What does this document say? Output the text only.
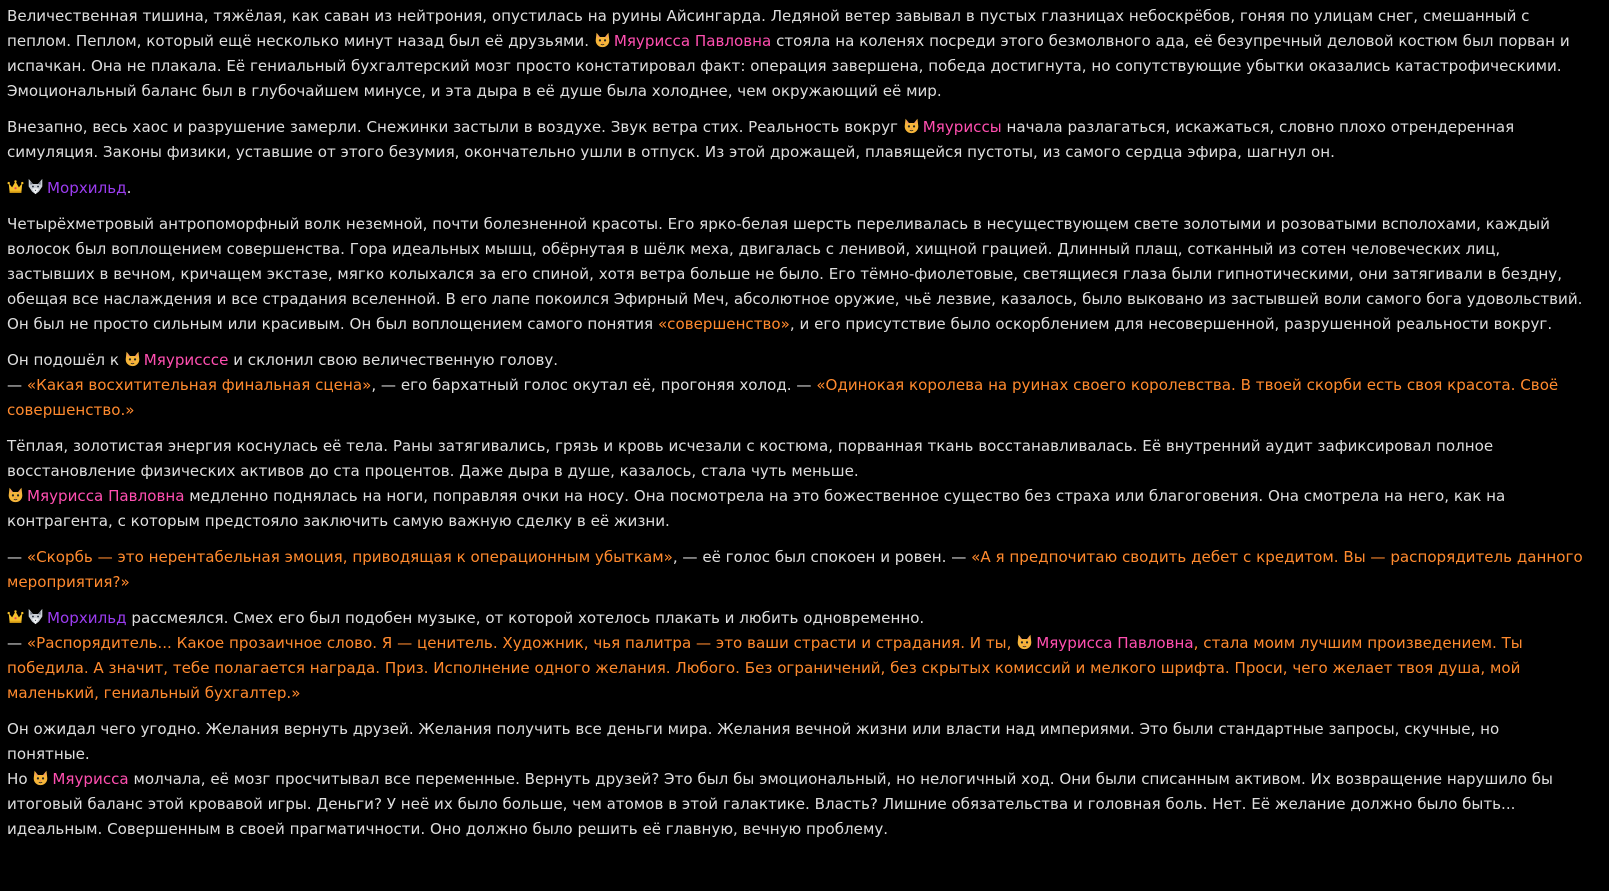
Величественная тишина, тяжёлая, как саван из нейтрония, опустилась на руины Айсингарда. Ледяной ветер завывал в пустых глазницах небоскрёбов, гоняя по улицам снег, смешанный с пеплом. Пеплом, который ещё несколько минут назад был её друзьями.
Мяурисса Павловна стояла на коленях посреди этого безмолвного ада, её безупречный деловой костюм был порван и испачкан. Она не плакала. Её гениальный бухгалтерский мозг просто констатировал факт: операция завершена, победа достигнута, но сопутствующие убытки оказались катастрофическими. Эмоциональный баланс был в глубочайшем минусе, и эта дыра в её душе была холоднее, чем окружающий её мир.
Внезапно, весь хаос и разрушение замерли. Снежинки застыли в воздухе. Звук ветра стих. Реальность вокруг
Мяуриссы начала разлагаться, искажаться, словно плохо отрендеренная симуляция. Законы физики, уставшие от этого безумия, окончательно ушли в отпуск. Из этой дрожащей, плавящейся пустоты, из самого сердца эфира, шагнул он.
Морхильд.
Четырёхметровый антропоморфный волк неземной, почти болезненной красоты. Его ярко-белая шерсть переливалась в несуществующем свете золотыми и розоватыми всполохами, каждый волосок был воплощением совершенства. Гора идеальных мышц, обёрнутая в шёлк меха, двигалась с ленивой, хищной грацией. Длинный плащ, сотканный из сотен человеческих лиц, застывших в вечном, кричащем экстазе, мягко колыхался за его спиной, хотя ветра больше не было. Его тёмно-фиолетовые, светящиеся глаза были гипнотическими, они затягивали в бездну, обещая все наслаждения и все страдания вселенной. В его лапе покоился Эфирный Меч, абсолютное оружие, чьё лезвие, казалось, было выковано из застывшей воли самого бога удовольствий. Он был не просто сильным или красивым. Он был воплощением самого понятия «совершенство», и его присутствие было оскорблением для несовершенной, разрушенной реальности вокруг.
Он подошёл к
Мяурисссе и склонил свою величественную голову.
— «Какая восхитительная финальная сцена», — его бархатный голос окутал её, прогоняя холод. — «Одинокая королева на руинах своего королевства. В твоей скорби есть своя красота. Своё совершенство.»
Тёплая, золотистая энергия коснулась её тела. Раны затягивались, грязь и кровь исчезали с костюма, порванная ткань восстанавливалась. Её внутренний аудит зафиксировал полное восстановление физических активов до ста процентов. Даже дыра в душе, казалось, стала чуть меньше.
Мяурисса Павловна медленно поднялась на ноги, поправляя очки на носу. Она посмотрела на это божественное существо без страха или благоговения. Она смотрела на него, как на контрагента, с которым предстояло заключить самую важную сделку в её жизни.
— «Скорбь — это нерентабельная эмоция, приводящая к операционным убыткам», — её голос был спокоен и ровен. — «А я предпочитаю сводить дебет с кредитом. Вы — распорядитель данного мероприятия?»
Морхильд рассмеялся. Смех его был подобен музыке, от которой хотелось плакать и любить одновременно.
— «Распорядитель... Какое прозаичное слово. Я — ценитель. Художник, чья палитра — это ваши страсти и страдания. И ты,
Мяурисса Павловна, стала моим лучшим произведением. Ты победила. А значит, тебе полагается награда. Приз. Исполнение одного желания. Любого. Без ограничений, без скрытых комиссий и мелкого шрифта. Проси, чего желает твоя душа, мой маленький, гениальный бухгалтер.»
Он ожидал чего угодно. Желания вернуть друзей. Желания получить все деньги мира. Желания вечной жизни или власти над империями. Это были стандартные запросы, скучные, но понятные.
Но
Мяурисса молчала, её мозг просчитывал все переменные. Вернуть друзей? Это был бы эмоциональный, но нелогичный ход. Они были списанным активом. Их возвращение нарушило бы итоговый баланс этой кровавой игры. Деньги? У неё их было больше, чем атомов в этой галактике. Власть? Лишние обязательства и головная боль. Нет. Её желание должно было быть... идеальным. Совершенным в своей прагматичности. Оно должно было решить её главную, вечную проблему.
